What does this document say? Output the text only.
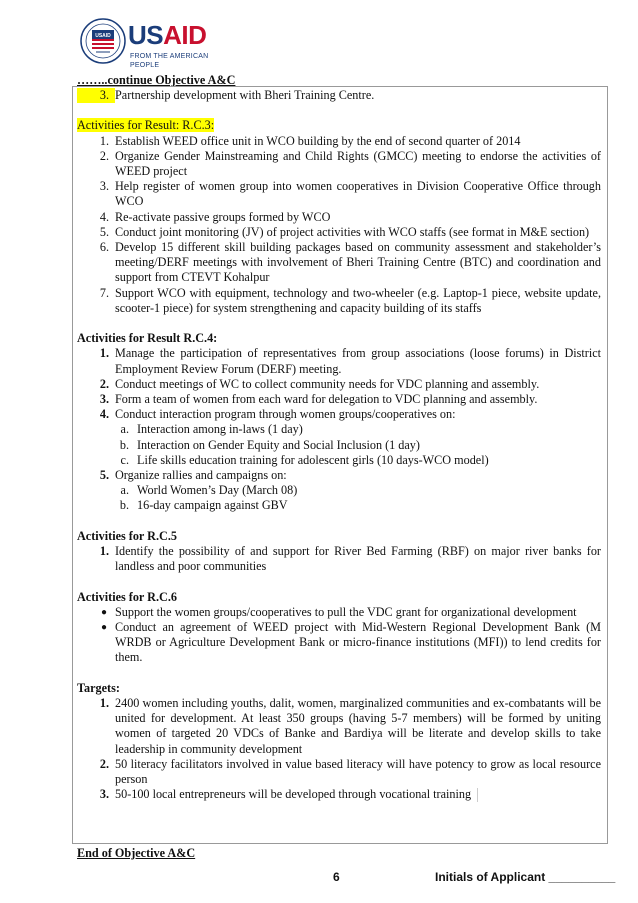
USAID USAID
FROM THE AMERICAN PEOPLE
……..continue Objective A&C
3. Partnership development with Bheri Training Centre.
Activities for Result: R.C.3:
1. Establish WEED office unit in WCO building by the end of second quarter of 2014
2. Organize Gender Mainstreaming and Child Rights (GMCC) meeting to endorse the activities of WEED project
3. Help register of women group into women cooperatives in Division Cooperative Office through WCO
4. Re-activate passive groups formed by WCO
5. Conduct joint monitoring (JV) of project activities with WCO staffs (see format in M&E section)
6. Develop 15 different skill building packages based on community assessment and stakeholder’s meeting/DERF meetings with involvement of Bheri Training Centre (BTC) and coordination and support from CTEVT Kohalpur
7. Support WCO with equipment, technology and two-wheeler (e.g. Laptop-1 piece, website update, scooter-1 piece) for system strengthening and capacity building of its staffs
Activities for Result R.C.4:
1. Manage the participation of representatives from group associations (loose forums) in District Employment Review Forum (DERF) meeting.
2. Conduct meetings of WC to collect community needs for VDC planning and assembly.
3. Form a team of women from each ward for delegation to VDC planning and assembly.
4. Conduct interaction program through women groups/cooperatives on:
a. Interaction among in-laws (1 day)
b. Interaction on Gender Equity and Social Inclusion (1 day)
c. Life skills education training for adolescent girls (10 days-WCO model)
5. Organize rallies and campaigns on:
a. World Women’s Day (March 08)
b. 16-day campaign against GBV
Activities for R.C.5
1. Identify the possibility of and support for River Bed Farming (RBF) on major river banks for landless and poor communities
Activities for R.C.6
● Support the women groups/cooperatives to pull the VDC grant for organizational development
● Conduct an agreement of WEED project with Mid-Western Regional Development Bank (M WRDB or Agriculture Development Bank or micro-finance institutions (MFI)) to lend credits for them.
Targets:
1. 2400 women including youths, dalit, women, marginalized communities and ex-combatants will be united for development. At least 350 groups (having 5-7 members) will be formed by uniting women of targeted 20 VDCs of Banke and Bardiya will be literate and develop skills to take leadership in community development
2. 50 literacy facilitators involved in value based literacy will have potency to grow as local resource person
3. 50-100 local entrepreneurs will be developed through vocational training
End of Objective A&C
6	Initials of Applicant __________
